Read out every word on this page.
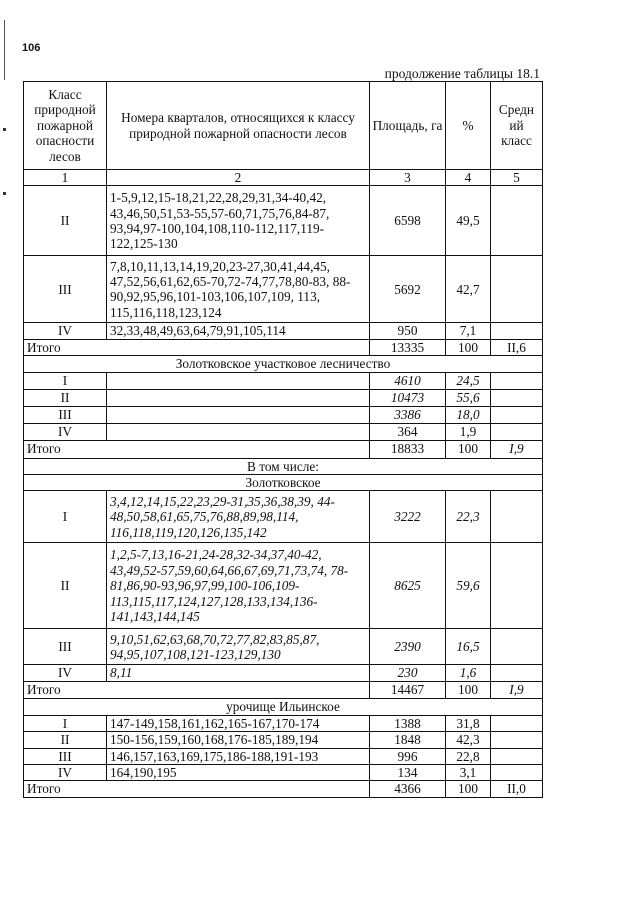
106
продолжение таблицы 18.1
Класс природной пожарной опасности лесов	Номера кварталов, относящихся к классу природной пожарной опасности лесов	Площадь, га	%	Средн ий класс
1	2	3	4	5
II	1-5,9,12,15-18,21,22,28,29,31,34-40,42, 43,46,50,51,53-55,57-60,71,75,76,84-87, 93,94,97-100,104,108,110-112,117,119-122,125-130	6598	49,5	
III	7,8,10,11,13,14,19,20,23-27,30,41,44,45, 47,52,56,61,62,65-70,72-74,77,78,80-83, 88-90,92,95,96,101-103,106,107,109, 113, 115,116,118,123,124	5692	42,7	
IV	32,33,48,49,63,64,79,91,105,114	950	7,1	
Итого		13335	100	II,6
Золотковское участковое лесничество				
I		4610	24,5	
II		10473	55,6	
III		3386	18,0	
IV		364	1,9	
Итого		18833	100	I,9
В том числе:				
Золотковское				
I	3,4,12,14,15,22,23,29-31,35,36,38,39, 44-48,50,58,61,65,75,76,88,89,98,114, 116,118,119,120,126,135,142	3222	22,3	
II	1,2,5-7,13,16-21,24-28,32-34,37,40-42, 43,49,52-57,59,60,64,66,67,69,71,73,74, 78-81,86,90-93,96,97,99,100-106,109-113,115,117,124,127,128,133,134,136-141,143,144,145	8625	59,6	
III	9,10,51,62,63,68,70,72,77,82,83,85,87, 94,95,107,108,121-123,129,130	2390	16,5	
IV	8,11	230	1,6	
Итого		14467	100	I,9
урочище Ильинское				
I	147-149,158,161,162,165-167,170-174	1388	31,8	
II	150-156,159,160,168,176-185,189,194	1848	42,3	
III	146,157,163,169,175,186-188,191-193	996	22,8	
IV	164,190,195	134	3,1	
Итого		4366	100	II,0
